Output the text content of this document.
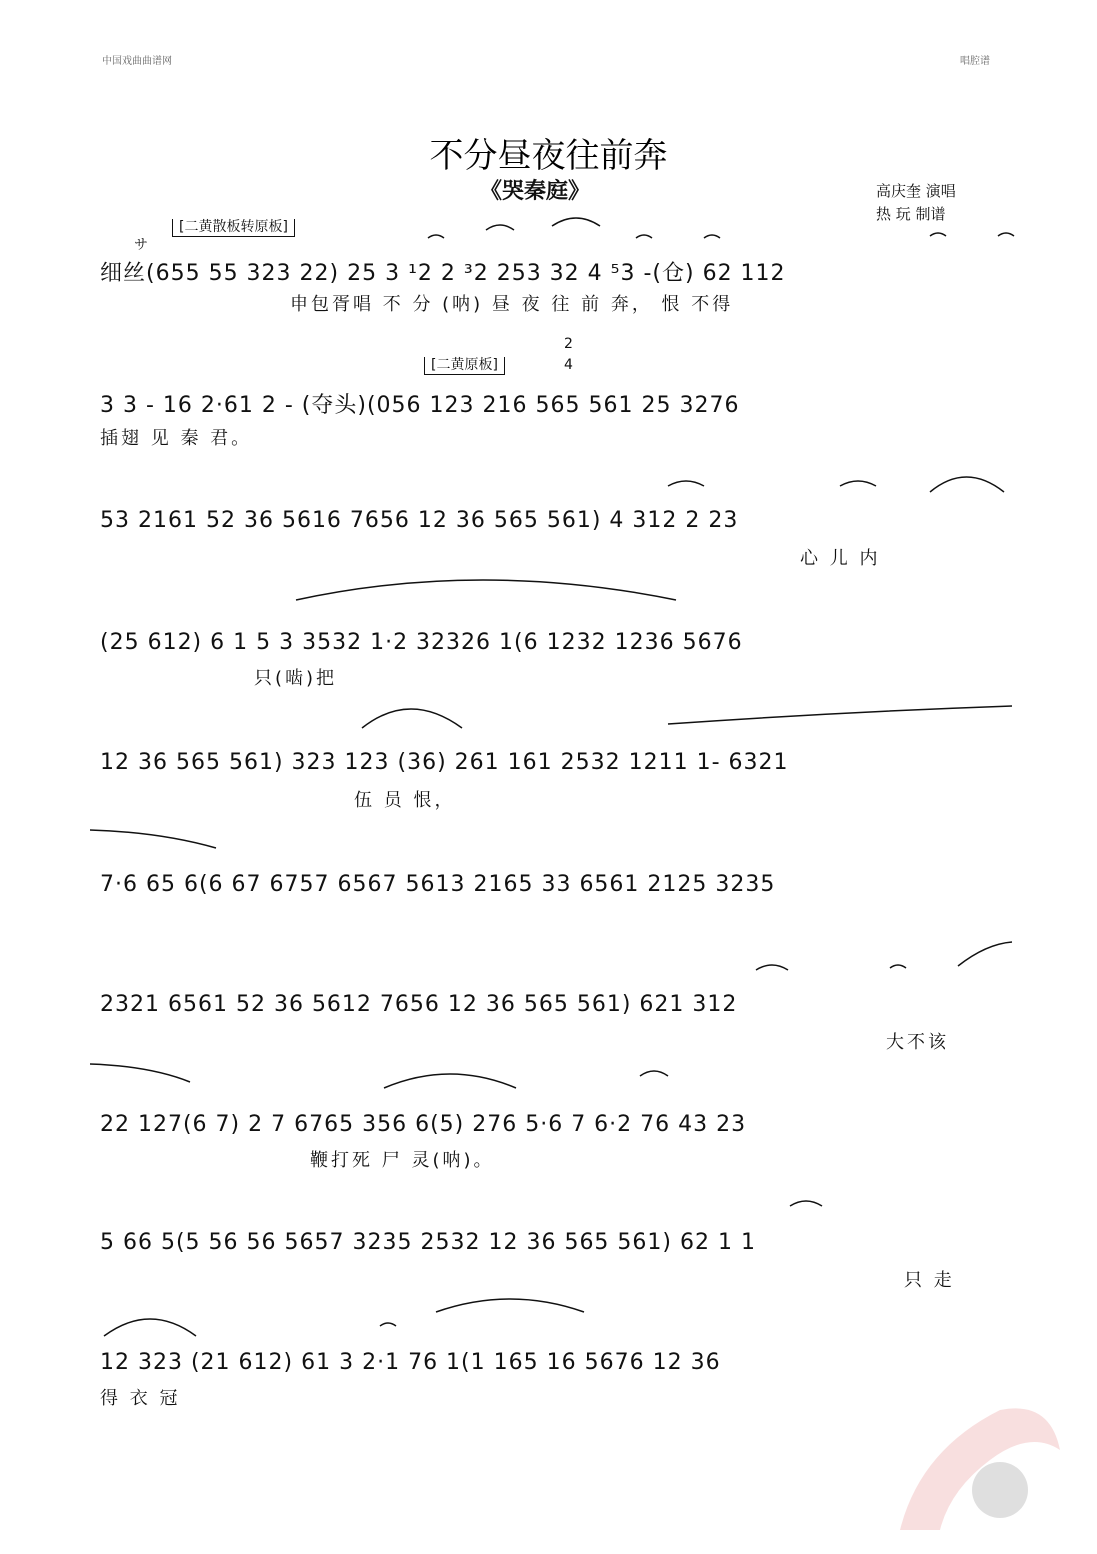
中国戏曲曲谱网	唱腔谱
不分昼夜往前奔
《哭秦庭》	高庆奎 演唱
热 玩 制谱
[二黄散板转原板]
サ
[二黄原板]
2
4
细丝(655 55 323 22) 25 3 ¹2 2 ³2 253 32 4 ⁵3 -(仓) 62 112
申包胥唱 不 分 (呐) 昼 夜 往 前 奔， 恨 不得
3 3 - 16 2·61 2 - (夺头)(056 123 216 565 561 25 3276
插翅 见 秦 君。
53 2161 52 36 5616 7656 12 36 565 561) 4 312 2 23
心 儿 内
(25 612) 6 1 5 3 3532 1·2 32326 1(6 1232 1236 5676
只(啮)把
12 36 565 561) 323 123 (36) 261 161 2532 1211 1- 6321
伍 员 恨，
7·6 65 6(6 67 6757 6567 5613 2165 33 6561 2125 3235
2321 6561 52 36 5612 7656 12 36 565 561) 621 312
大不该
22 127(6 7) 2 7 6765 356 6(5) 276 5·6 7 6·2 76 43 23
鞭打死 尸 灵(呐)。
5 66 5(5 56 56 5657 3235 2532 12 36 565 561) 62 1 1
只 走
12 323 (21 612) 61 3 2·1 76 1(1 165 16 5676 12 36
得 衣 冠
